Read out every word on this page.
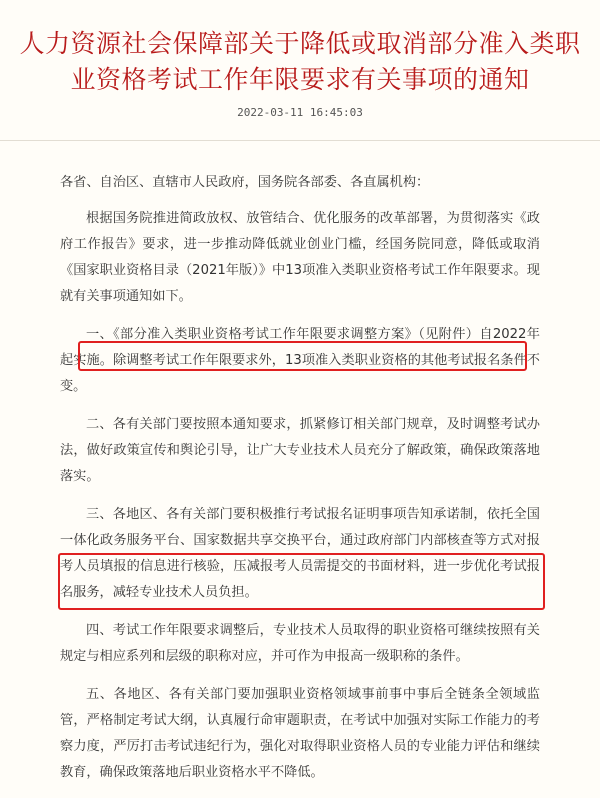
人力资源社会保障部关于降低或取消部分准入类职
业资格考试工作年限要求有关事项的通知
2022-03-11 16:45:03

各省、自治区、直辖市人民政府，国务院各部委、各直属机构：

根据国务院推进简政放权、放管结合、优化服务的改革部署，为贯彻落实《政府工作报告》要求，进一步推动降低就业创业门槛，经国务院同意，降低或取消《国家职业资格目录（2021年版）》中13项准入类职业资格考试工作年限要求。现就有关事项通知如下。

一、《部分准入类职业资格考试工作年限要求调整方案》（见附件）自2022年起实施。除调整考试工作年限要求外，13项准入类职业资格的其他考试报名条件不变。

二、各有关部门要按照本通知要求，抓紧修订相关部门规章，及时调整考试办法，做好政策宣传和舆论引导，让广大专业技术人员充分了解政策，确保政策落地落实。

三、各地区、各有关部门要积极推行考试报名证明事项告知承诺制，依托全国一体化政务服务平台、国家数据共享交换平台，通过政府部门内部核查等方式对报考人员填报的信息进行核验，压减报考人员需提交的书面材料，进一步优化考试报名服务，减轻专业技术人员负担。

四、考试工作年限要求调整后，专业技术人员取得的职业资格可继续按照有关规定与相应系列和层级的职称对应，并可作为申报高一级职称的条件。

五、各地区、各有关部门要加强职业资格领域事前事中事后全链条全领域监管，严格制定考试大纲，认真履行命审题职责，在考试中加强对实际工作能力的考察力度，严厉打击考试违纪行为，强化对取得职业资格人员的专业能力评估和继续教育，确保政策落地后职业资格水平不降低。
